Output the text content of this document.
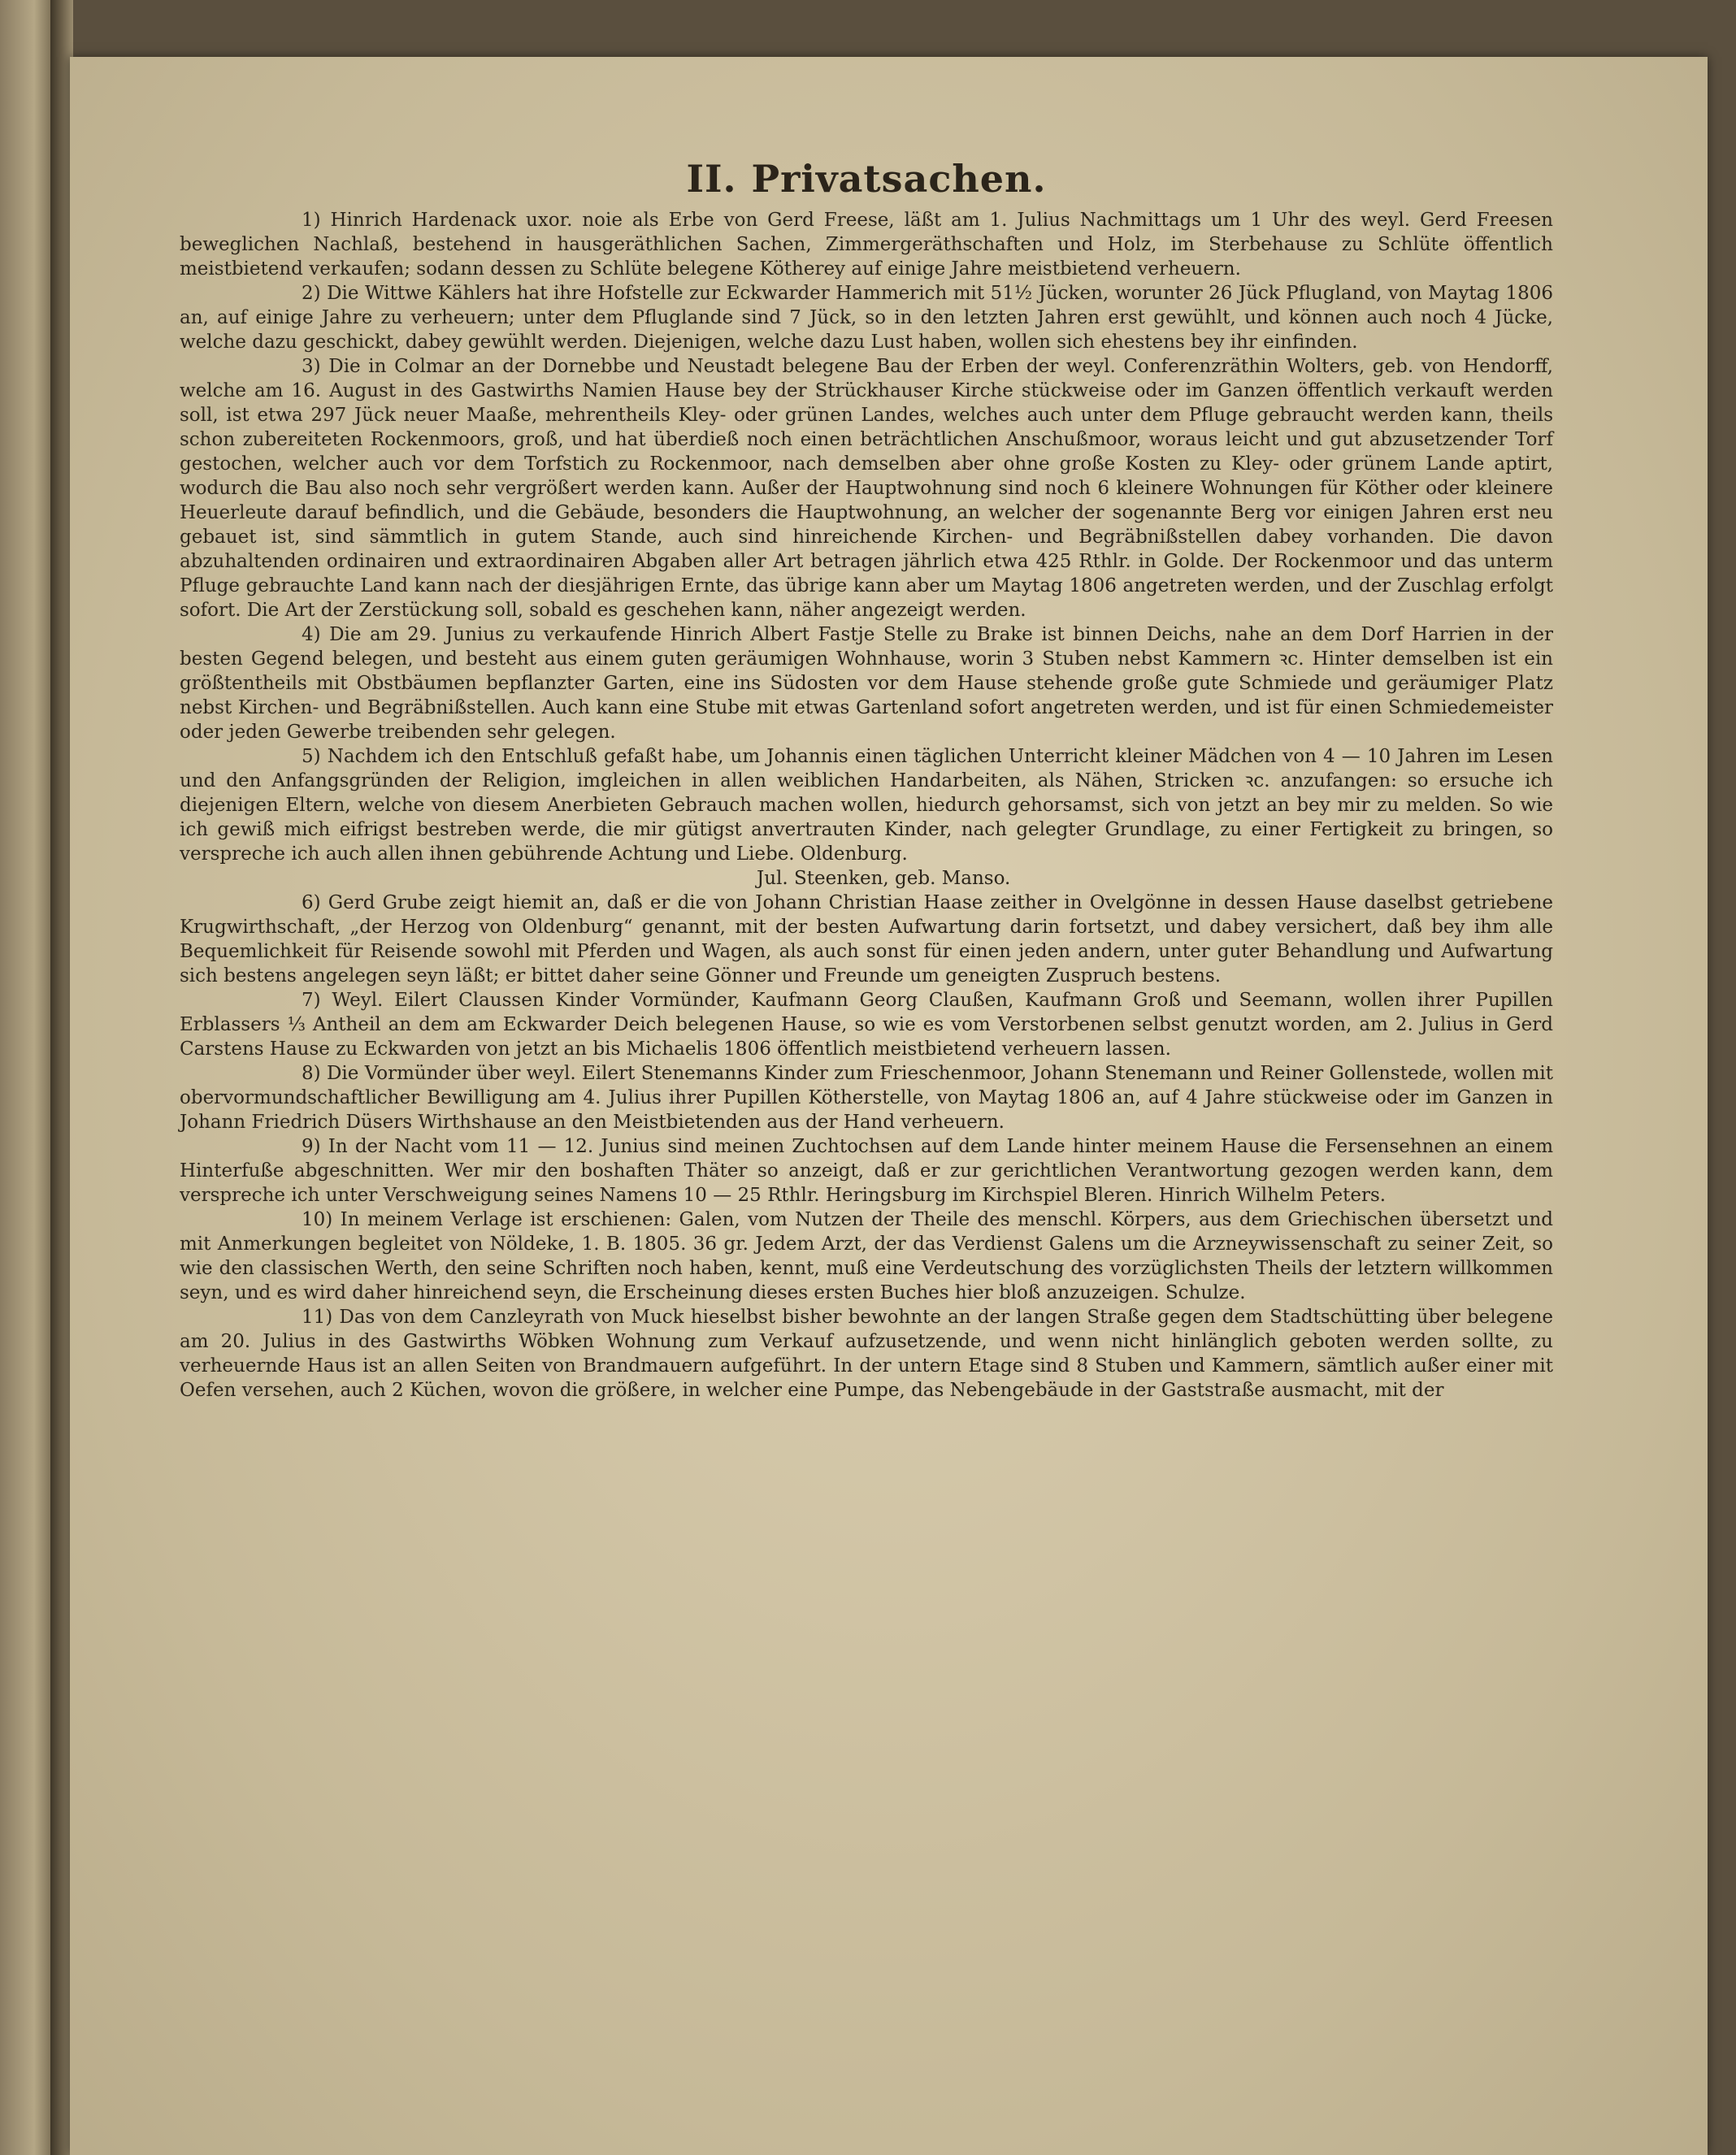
II. Privatsachen.

1) Hinrich Hardenack uxor. noie als Erbe von Gerd Freese, läßt am 1. Julius Nachmittags um 1 Uhr des weyl. Gerd Freesen beweglichen Nachlaß, bestehend in hausgeräthlichen Sachen, Zimmergeräthschaften und Holz, im Sterbehause zu Schlüte öffentlich meistbietend verkaufen; sodann dessen zu Schlüte belegene Kötherey auf einige Jahre meistbietend verheuern.

2) Die Wittwe Kählers hat ihre Hofstelle zur Eckwarder Hammerich mit 51½ Jücken, worunter 26 Jück Pflugland, von Maytag 1806 an, auf einige Jahre zu verheuern; unter dem Pfluglande sind 7 Jück, so in den letzten Jahren erst gewühlt, und können auch noch 4 Jücke, welche dazu geschickt, dabey gewühlt werden. Diejenigen, welche dazu Lust haben, wollen sich ehestens bey ihr einfinden.

3) Die in Colmar an der Dornebbe und Neustadt belegene Bau der Erben der weyl. Conferenzräthin Wolters, geb. von Hendorff, welche am 16. August in des Gastwirths Namien Hause bey der Strückhauser Kirche stückweise oder im Ganzen öffentlich verkauft werden soll, ist etwa 297 Jück neuer Maaße, mehrentheils Kley- oder grünen Landes, welches auch unter dem Pfluge gebraucht werden kann, theils schon zubereiteten Rockenmoors, groß, und hat überdieß noch einen beträchtlichen Anschußmoor, woraus leicht und gut abzusetzender Torf gestochen, welcher auch vor dem Torfstich zu Rockenmoor, nach demselben aber ohne große Kosten zu Kley- oder grünem Lande aptirt, wodurch die Bau also noch sehr vergrößert werden kann. Außer der Hauptwohnung sind noch 6 kleinere Wohnungen für Köther oder kleinere Heuerleute darauf befindlich, und die Gebäude, besonders die Hauptwohnung, an welcher der sogenannte Berg vor einigen Jahren erst neu gebauet ist, sind sämmtlich in gutem Stande, auch sind hinreichende Kirchen- und Begräbnißstellen dabey vorhanden. Die davon abzuhaltenden ordinairen und extraordinairen Abgaben aller Art betragen jährlich etwa 425 Rthlr. in Golde. Der Rockenmoor und das unterm Pfluge gebrauchte Land kann nach der diesjährigen Ernte, das übrige kann aber um Maytag 1806 angetreten werden, und der Zuschlag erfolgt sofort. Die Art der Zerstückung soll, sobald es geschehen kann, näher angezeigt werden.

4) Die am 29. Junius zu verkaufende Hinrich Albert Fastje Stelle zu Brake ist binnen Deichs, nahe an dem Dorf Harrien in der besten Gegend belegen, und besteht aus einem guten geräumigen Wohnhause, worin 3 Stuben nebst Kammern ꝛc. Hinter demselben ist ein größtentheils mit Obstbäumen bepflanzter Garten, eine ins Südosten vor dem Hause stehende große gute Schmiede und geräumiger Platz nebst Kirchen- und Begräbnißstellen. Auch kann eine Stube mit etwas Gartenland sofort angetreten werden, und ist für einen Schmiedemeister oder jeden Gewerbe treibenden sehr gelegen.

5) Nachdem ich den Entschluß gefaßt habe, um Johannis einen täglichen Unterricht kleiner Mädchen von 4 — 10 Jahren im Lesen und den Anfangsgründen der Religion, imgleichen in allen weiblichen Handarbeiten, als Nähen, Stricken ꝛc. anzufangen: so ersuche ich diejenigen Eltern, welche von diesem Anerbieten Gebrauch machen wollen, hiedurch gehorsamst, sich von jetzt an bey mir zu melden. So wie ich gewiß mich eifrigst bestreben werde, die mir gütigst anvertrauten Kinder, nach gelegter Grundlage, zu einer Fertigkeit zu bringen, so verspreche ich auch allen ihnen gebührende Achtung und Liebe. Oldenburg.

Jul. Steenken, geb. Manso.

6) Gerd Grube zeigt hiemit an, daß er die von Johann Christian Haase zeither in Ovelgönne in dessen Hause daselbst getriebene Krugwirthschaft, „der Herzog von Oldenburg“ genannt, mit der besten Aufwartung darin fortsetzt, und dabey versichert, daß bey ihm alle Bequemlichkeit für Reisende sowohl mit Pferden und Wagen, als auch sonst für einen jeden andern, unter guter Behandlung und Aufwartung sich bestens angelegen seyn läßt; er bittet daher seine Gönner und Freunde um geneigten Zuspruch bestens.

7) Weyl. Eilert Claussen Kinder Vormünder, Kaufmann Georg Claußen, Kaufmann Groß und Seemann, wollen ihrer Pupillen Erblassers ⅓ Antheil an dem am Eckwarder Deich belegenen Hause, so wie es vom Verstorbenen selbst genutzt worden, am 2. Julius in Gerd Carstens Hause zu Eckwarden von jetzt an bis Michaelis 1806 öffentlich meistbietend verheuern lassen.

8) Die Vormünder über weyl. Eilert Stenemanns Kinder zum Frieschenmoor, Johann Stenemann und Reiner Gollenstede, wollen mit obervormundschaftlicher Bewilligung am 4. Julius ihrer Pupillen Kötherstelle, von Maytag 1806 an, auf 4 Jahre stückweise oder im Ganzen in Johann Friedrich Düsers Wirthshause an den Meistbietenden aus der Hand verheuern.

9) In der Nacht vom 11 — 12. Junius sind meinen Zuchtochsen auf dem Lande hinter meinem Hause die Fersensehnen an einem Hinterfuße abgeschnitten. Wer mir den boshaften Thäter so anzeigt, daß er zur gerichtlichen Verantwortung gezogen werden kann, dem verspreche ich unter Verschweigung seines Namens 10 — 25 Rthlr. Heringsburg im Kirchspiel Bleren. Hinrich Wilhelm Peters.

10) In meinem Verlage ist erschienen: Galen, vom Nutzen der Theile des menschl. Körpers, aus dem Griechischen übersetzt und mit Anmerkungen begleitet von Nöldeke, 1. B. 1805. 36 gr. Jedem Arzt, der das Verdienst Galens um die Arzneywissenschaft zu seiner Zeit, so wie den classischen Werth, den seine Schriften noch haben, kennt, muß eine Verdeutschung des vorzüglichsten Theils der letztern willkommen seyn, und es wird daher hinreichend seyn, die Erscheinung dieses ersten Buches hier bloß anzuzeigen. Schulze.

11) Das von dem Canzleyrath von Muck hieselbst bisher bewohnte an der langen Straße gegen dem Stadtschütting über belegene am 20. Julius in des Gastwirths Wöbken Wohnung zum Verkauf aufzusetzende, und wenn nicht hinlänglich geboten werden sollte, zu verheuernde Haus ist an allen Seiten von Brandmauern aufgeführt. In der untern Etage sind 8 Stuben und Kammern, sämtlich außer einer mit Oefen versehen, auch 2 Küchen, wovon die größere, in welcher eine Pumpe, das Nebengebäude in der Gaststraße ausmacht, mit der
